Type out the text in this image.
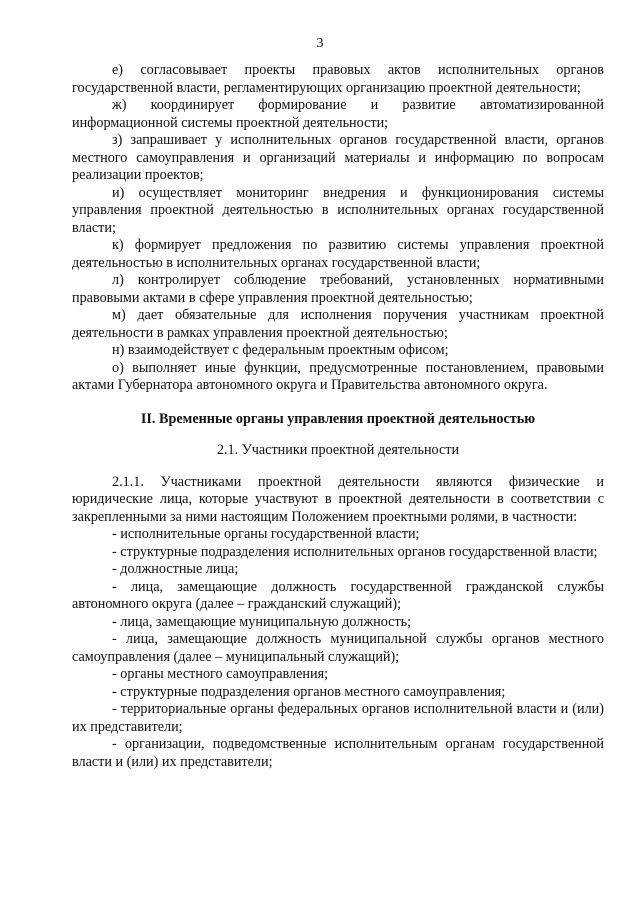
3

е) согласовывает проекты правовых актов исполнительных органов государственной власти, регламентирующих организацию проектной деятельности;

ж) координирует формирование и развитие автоматизированной информационной системы проектной деятельности;

з) запрашивает у исполнительных органов государственной власти, органов местного самоуправления и организаций материалы и информацию по вопросам реализации проектов;

и) осуществляет мониторинг внедрения и функционирования системы управления проектной деятельностью в исполнительных органах государственной власти;

к) формирует предложения по развитию системы управления проектной деятельностью в исполнительных органах государственной власти;

л) контролирует соблюдение требований, установленных нормативными правовыми актами в сфере управления проектной деятельностью;

м) дает обязательные для исполнения поручения участникам проектной деятельности в рамках управления проектной деятельностью;

н) взаимодействует с федеральным проектным офисом;

о) выполняет иные функции, предусмотренные постановлением, правовыми актами Губернатора автономного округа и Правительства автономного округа.

II. Временные органы управления проектной деятельностью

2.1. Участники проектной деятельности

2.1.1. Участниками проектной деятельности являются физические и юридические лица, которые участвуют в проектной деятельности в соответствии с закрепленными за ними настоящим Положением проектными ролями, в частности:

- исполнительные органы государственной власти;

- структурные подразделения исполнительных органов государственной власти;

- должностные лица;

- лица, замещающие должность государственной гражданской службы автономного округа (далее – гражданский служащий);

- лица, замещающие муниципальную должность;

- лица, замещающие должность муниципальной службы органов местного самоуправления (далее – муниципальный служащий);

- органы местного самоуправления;

- структурные подразделения органов местного самоуправления;

- территориальные органы федеральных органов исполнительной власти и (или) их представители;

- организации, подведомственные исполнительным органам государственной власти и (или) их представители;
